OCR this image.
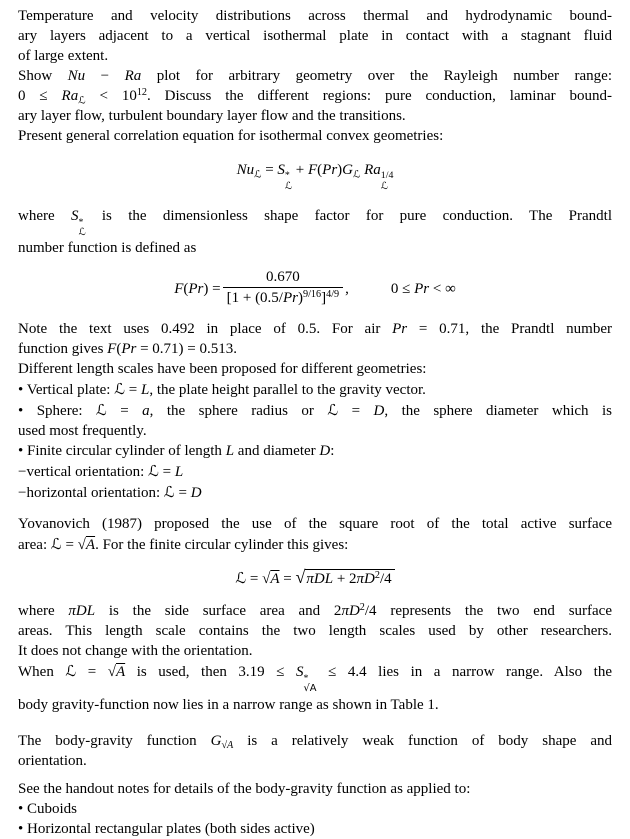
Temperature and velocity distributions across thermal and hydrodynamic bound-
ary layers adjacent to a vertical isothermal plate in contact with a stagnant fluid
of large extent.
Show Nu − Ra plot for arbitrary geometry over the Rayleigh number range:
$0 \le Ra_ℒ < 10^{12}$. Discuss the different regions: pure conduction, laminar bound-
ary layer flow, turbulent boundary layer flow and the transitions.
Present general correlation equation for isothermal convex geometries:
$Nu_ℒ = S$ *
ℒ
+ $F(Pr)G_ℒ$ Ra 1/4
ℒ
where S *
ℒ
is the dimensionless shape factor for pure conduction. The Prandtl
number function is defined as
$F(Pr) = \frac{0.670}{[1 + (0.5/Pr)^{9/16}]^{4/9}}$ ,	0 ≤ Pr < ∞
Note the text uses 0.492 in place of 0.5. For air Pr = 0.71, the Prandtl number
function gives F(Pr = 0.71) = 0.513.
Different length scales have been proposed for different geometries:
• Vertical plate: ℒ = L, the plate height parallel to the gravity vector.
• Sphere: ℒ = a, the sphere radius or ℒ = D, the sphere diameter which is
used most frequently.
• Finite circular cylinder of length L and diameter D:
−vertical orientation: ℒ = L
−horizontal orientation: ℒ = D
Yovanovich (1987) proposed the use of the square root of the total active surface
area: ℒ = √A. For the finite circular cylinder this gives:
ℒ = $√A = √\pi DL + 2\pi D^2/4$
where πDL is the side surface area and $2\pi D^2/4$ represents the two end surface
areas. This length scale contains the two length scales used by other researchers.
It does not change with the orientation.
When ℒ = √A is used, then 3.19 ≤ S *
√A
≤ 4.4 lies in a narrow range. Also the
body gravity-function now lies in a narrow range as shown in Table 1.
The body-gravity function $G_{√A}$ is a relatively weak function of body shape and
orientation.
See the handout notes for details of the body-gravity function as applied to:
• Cuboids
• Horizontal rectangular plates (both sides active)
